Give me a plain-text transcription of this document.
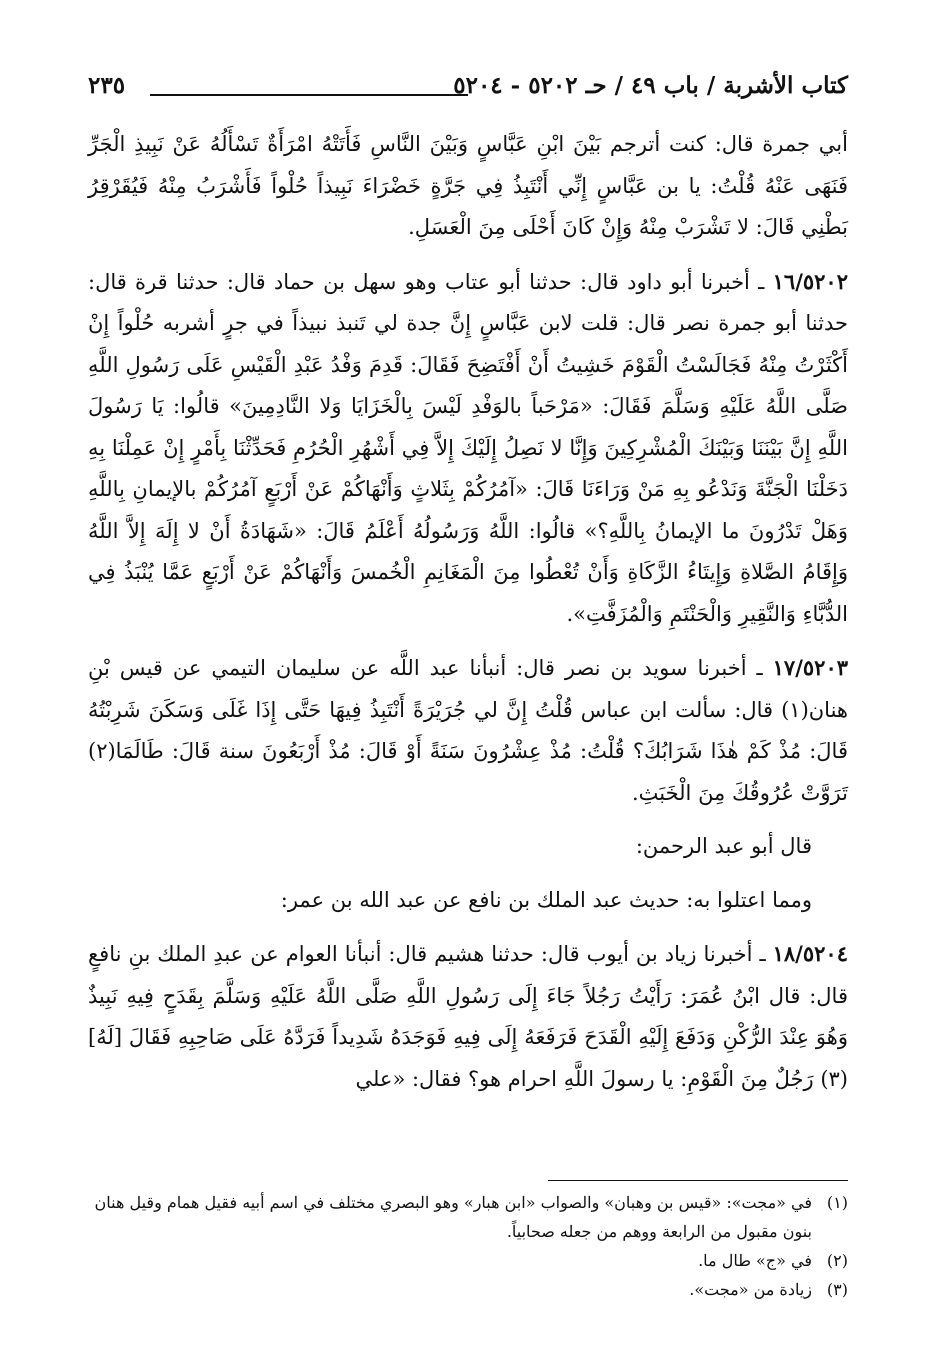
كتاب الأشربة / باب ٤٩ / حـ ٥٢٠٢ - ٥٢٠٤
٢٣٥

أبي جمرة قال: كنت أترجم بَيْنَ ابْنِ عَبَّاسٍ وَبَيْنَ النَّاسِ فَأَتَتْهُ امْرَأَةٌ تَسْأَلُهُ عَنْ نَبِيذِ الْجَرِّ فَنَهَى عَنْهُ قُلْتُ: يا بن عَبَّاسٍ إِنِّي أَنْتَبِذُ فِي جَرَّةٍ خَضْرَاءَ نَبِيذاً حُلْواً فَأَشْرَبُ مِنْهُ فَيُقَرْقِرُ بَطْنِي قَالَ: لا تَشْرَبْ مِنْهُ وَإِنْ كَانَ أَحْلَى مِنَ الْعَسَلِ.

١٦/٥٢٠٢ ـ أخبرنا أبو داود قال: حدثنا أبو عتاب وهو سهل بن حماد قال: حدثنا قرة قال: حدثنا أبو جمرة نصر قال: قلت لابن عَبَّاسٍ إِنَّ جدة لي تَنبذ نبيذاً في جرٍ أشربه حُلْواً إِنْ أَكْثَرْتُ مِنْهُ فَجَالَسْتُ الْقَوْمَ خَشِيتُ أَنْ أَفْتَضِحَ فَقَالَ: قَدِمَ وَفْدُ عَبْدِ الْقَيْسِ عَلَى رَسُولِ اللَّهِ صَلَّى اللَّهُ عَلَيْهِ وَسَلَّمَ فَقَالَ: «مَرْحَباً بالوَفْدِ لَيْسَ بِالْخَزَايَا وَلا النَّادِمِينَ» قالُوا: يَا رَسُولَ اللَّهِ إِنَّ بَيْنَنَا وَبَيْنَكَ الْمُشْرِكِينَ وَإِنَّا لا نَصِلُ إِلَيْكَ إِلاَّ فِي أَشْهُرِ الْحُرُمِ فَحَدِّثْنَا بِأَمْرٍ إِنْ عَمِلْنَا بِهِ دَخَلْنَا الْجَنَّةَ وَنَدْعُو بِهِ مَنْ وَرَاءَنَا قَالَ: «آمُرُكُمْ بِثَلاثٍ وَأَنْهَاكُمْ عَنْ أَرْبَعٍ آمُرُكُمْ بالإيمانِ بِاللَّهِ وَهَلْ تَدْرُونَ ما الإيمانُ بِاللَّهِ؟» قالُوا: اللَّهُ وَرَسُولُهُ أَعْلَمُ قَالَ: «شَهَادَةُ أَنْ لا إِلَهَ إِلاَّ اللَّهُ وَإِقَامُ الصَّلاةِ وَإِيتَاءُ الزَّكَاةِ وَأَنْ تُعْطُوا مِنَ الْمَغَانِمِ الْخُمسَ وَأَنْهَاكُمْ عَنْ أَرْبَعٍ عَمَّا يُنْبَذُ فِي الدُّبَّاءِ وَالنَّقِيرِ وَالْحَنْتَمِ وَالْمُزَفَّتِ».

١٧/٥٢٠٣ ـ أخبرنا سويد بن نصر قال: أنبأنا عبد اللَّه عن سليمان التيمي عن قيس بْنِ هنان(١) قال: سألت ابن عباس قُلْتُ إِنَّ لي جُرَيْرَةً أَنْتَبِذُ فِيهَا حَتَّى إِذَا غَلَى وَسَكَنَ شَرِبْتُهُ قَالَ: مُذْ كَمْ هٰذَا شَرَابُكَ؟ قُلْتُ: مُذْ عِشْرُونَ سَنَةً أَوْ قَالَ: مُذْ أَرْبَعُونَ سنة قَالَ: طَالَمَا(٢) تَرَوَّتْ عُرُوقُكَ مِنَ الْخَبَثِ.

قال أبو عبد الرحمن:

ومما اعتلوا به: حديث عبد الملك بن نافع عن عبد الله بن عمر:

١٨/٥٢٠٤ ـ أخبرنا زياد بن أيوب قال: حدثنا هشيم قال: أنبأنا العوام عن عبدِ الملك بنِ نافعٍ قال: قال ابْنُ عُمَرَ: رَأَيْتُ رَجُلاً جَاءَ إِلَى رَسُولِ اللَّهِ صَلَّى اللَّهُ عَلَيْهِ وَسَلَّمَ بِقَدَحٍ فِيهِ نَبِيذٌ وَهُوَ عِنْدَ الرُّكْنِ وَدَفَعَ إِلَيْهِ الْقَدَحَ فَرَفَعَهُ إِلَى فِيهِ فَوَجَدَهُ شَدِيداً فَرَدَّهُ عَلَى صَاحِبِهِ فَقَالَ [لَهُ](٣) رَجُلٌ مِنَ الْقَوْمِ: يا رسولَ اللَّهِ احرام هو؟ فقال: «علي

(١)
في «مجت»: «قيس بن وهبان» والصواب «ابن هبار» وهو البصري مختلف في اسم أبيه فقيل همام وقيل هنان بنون مقبول من الرابعة ووهم من جعله صحابياً.

(٢)
في «ج» طال ما.

(٣)
زيادة من «مجت».
